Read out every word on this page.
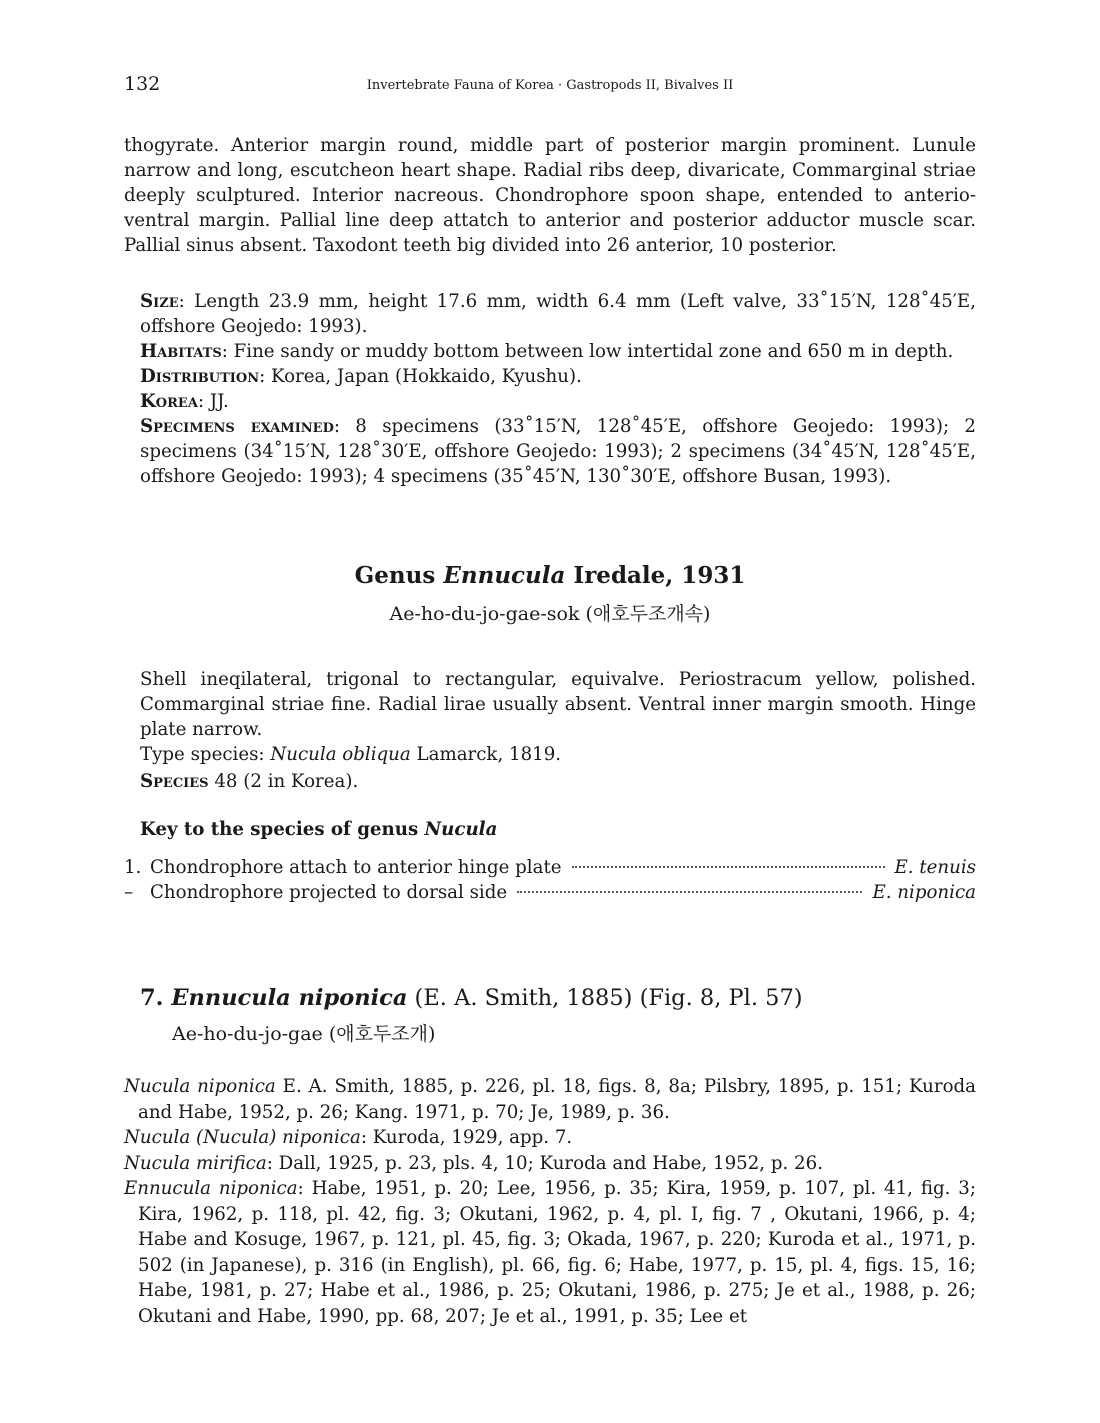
132	Invertebrate Fauna of Korea · Gastropods II, Bivalves II

thogyrate. Anterior margin round, middle part of posterior margin prominent. Lunule narrow and long, escutcheon heart shape. Radial ribs deep, divaricate, Commarginal striae deeply sculptured. Interior nacreous. Chondrophore spoon shape, entended to anterio-ventral margin. Pallial line deep attatch to anterior and posterior adductor muscle scar. Pallial sinus absent. Taxodont teeth big divided into 26 anterior, 10 posterior.

Size: Length 23.9 mm, height 17.6 mm, width 6.4 mm (Left valve, 33˚15′N, 128˚45′E, offshore Geojedo: 1993).

Habitats: Fine sandy or muddy bottom between low intertidal zone and 650 m in depth.

Distribution: Korea, Japan (Hokkaido, Kyushu).

Korea: JJ.

Specimens examined: 8 specimens (33˚15′N, 128˚45′E, offshore Geojedo: 1993); 2 specimens (34˚15′N, 128˚30′E, offshore Geojedo: 1993); 2 specimens (34˚45′N, 128˚45′E, offshore Geojedo: 1993); 4 specimens (35˚45′N, 130˚30′E, offshore Busan, 1993).

Genus Ennucula Iredale, 1931
Ae-ho-du-jo-gae-sok (애호두조개속)

Shell ineqilateral, trigonal to rectangular, equivalve. Periostracum yellow, polished. Commarginal striae fine. Radial lirae usually absent. Ventral inner margin smooth. Hinge plate narrow.

Type species: Nucula obliqua Lamarck, 1819.

Species 48 (2 in Korea).

Key to the species of genus Nucula

1. Chondrophore attach to anterior hinge plate	E. tenuis
– Chondrophore projected to dorsal side	E. niponica
7. Ennucula niponica (E. A. Smith, 1885) (Fig. 8, Pl. 57)
Ae-ho-du-jo-gae (애호두조개)

Nucula niponica E. A. Smith, 1885, p. 226, pl. 18, figs. 8, 8a; Pilsbry, 1895, p. 151; Kuroda and Habe, 1952, p. 26; Kang. 1971, p. 70; Je, 1989, p. 36.

Nucula (Nucula) niponica: Kuroda, 1929, app. 7.

Nucula mirifica: Dall, 1925, p. 23, pls. 4, 10; Kuroda and Habe, 1952, p. 26.

Ennucula niponica: Habe, 1951, p. 20; Lee, 1956, p. 35; Kira, 1959, p. 107, pl. 41, fig. 3; Kira, 1962, p. 118, pl. 42, fig. 3; Okutani, 1962, p. 4, pl. I, fig. 7 , Okutani, 1966, p. 4; Habe and Kosuge, 1967, p. 121, pl. 45, fig. 3; Okada, 1967, p. 220; Kuroda et al., 1971, p. 502 (in Japanese), p. 316 (in English), pl. 66, fig. 6; Habe, 1977, p. 15, pl. 4, figs. 15, 16; Habe, 1981, p. 27; Habe et al., 1986, p. 25; Okutani, 1986, p. 275; Je et al., 1988, p. 26; Okutani and Habe, 1990, pp. 68, 207; Je et al., 1991, p. 35; Lee et
